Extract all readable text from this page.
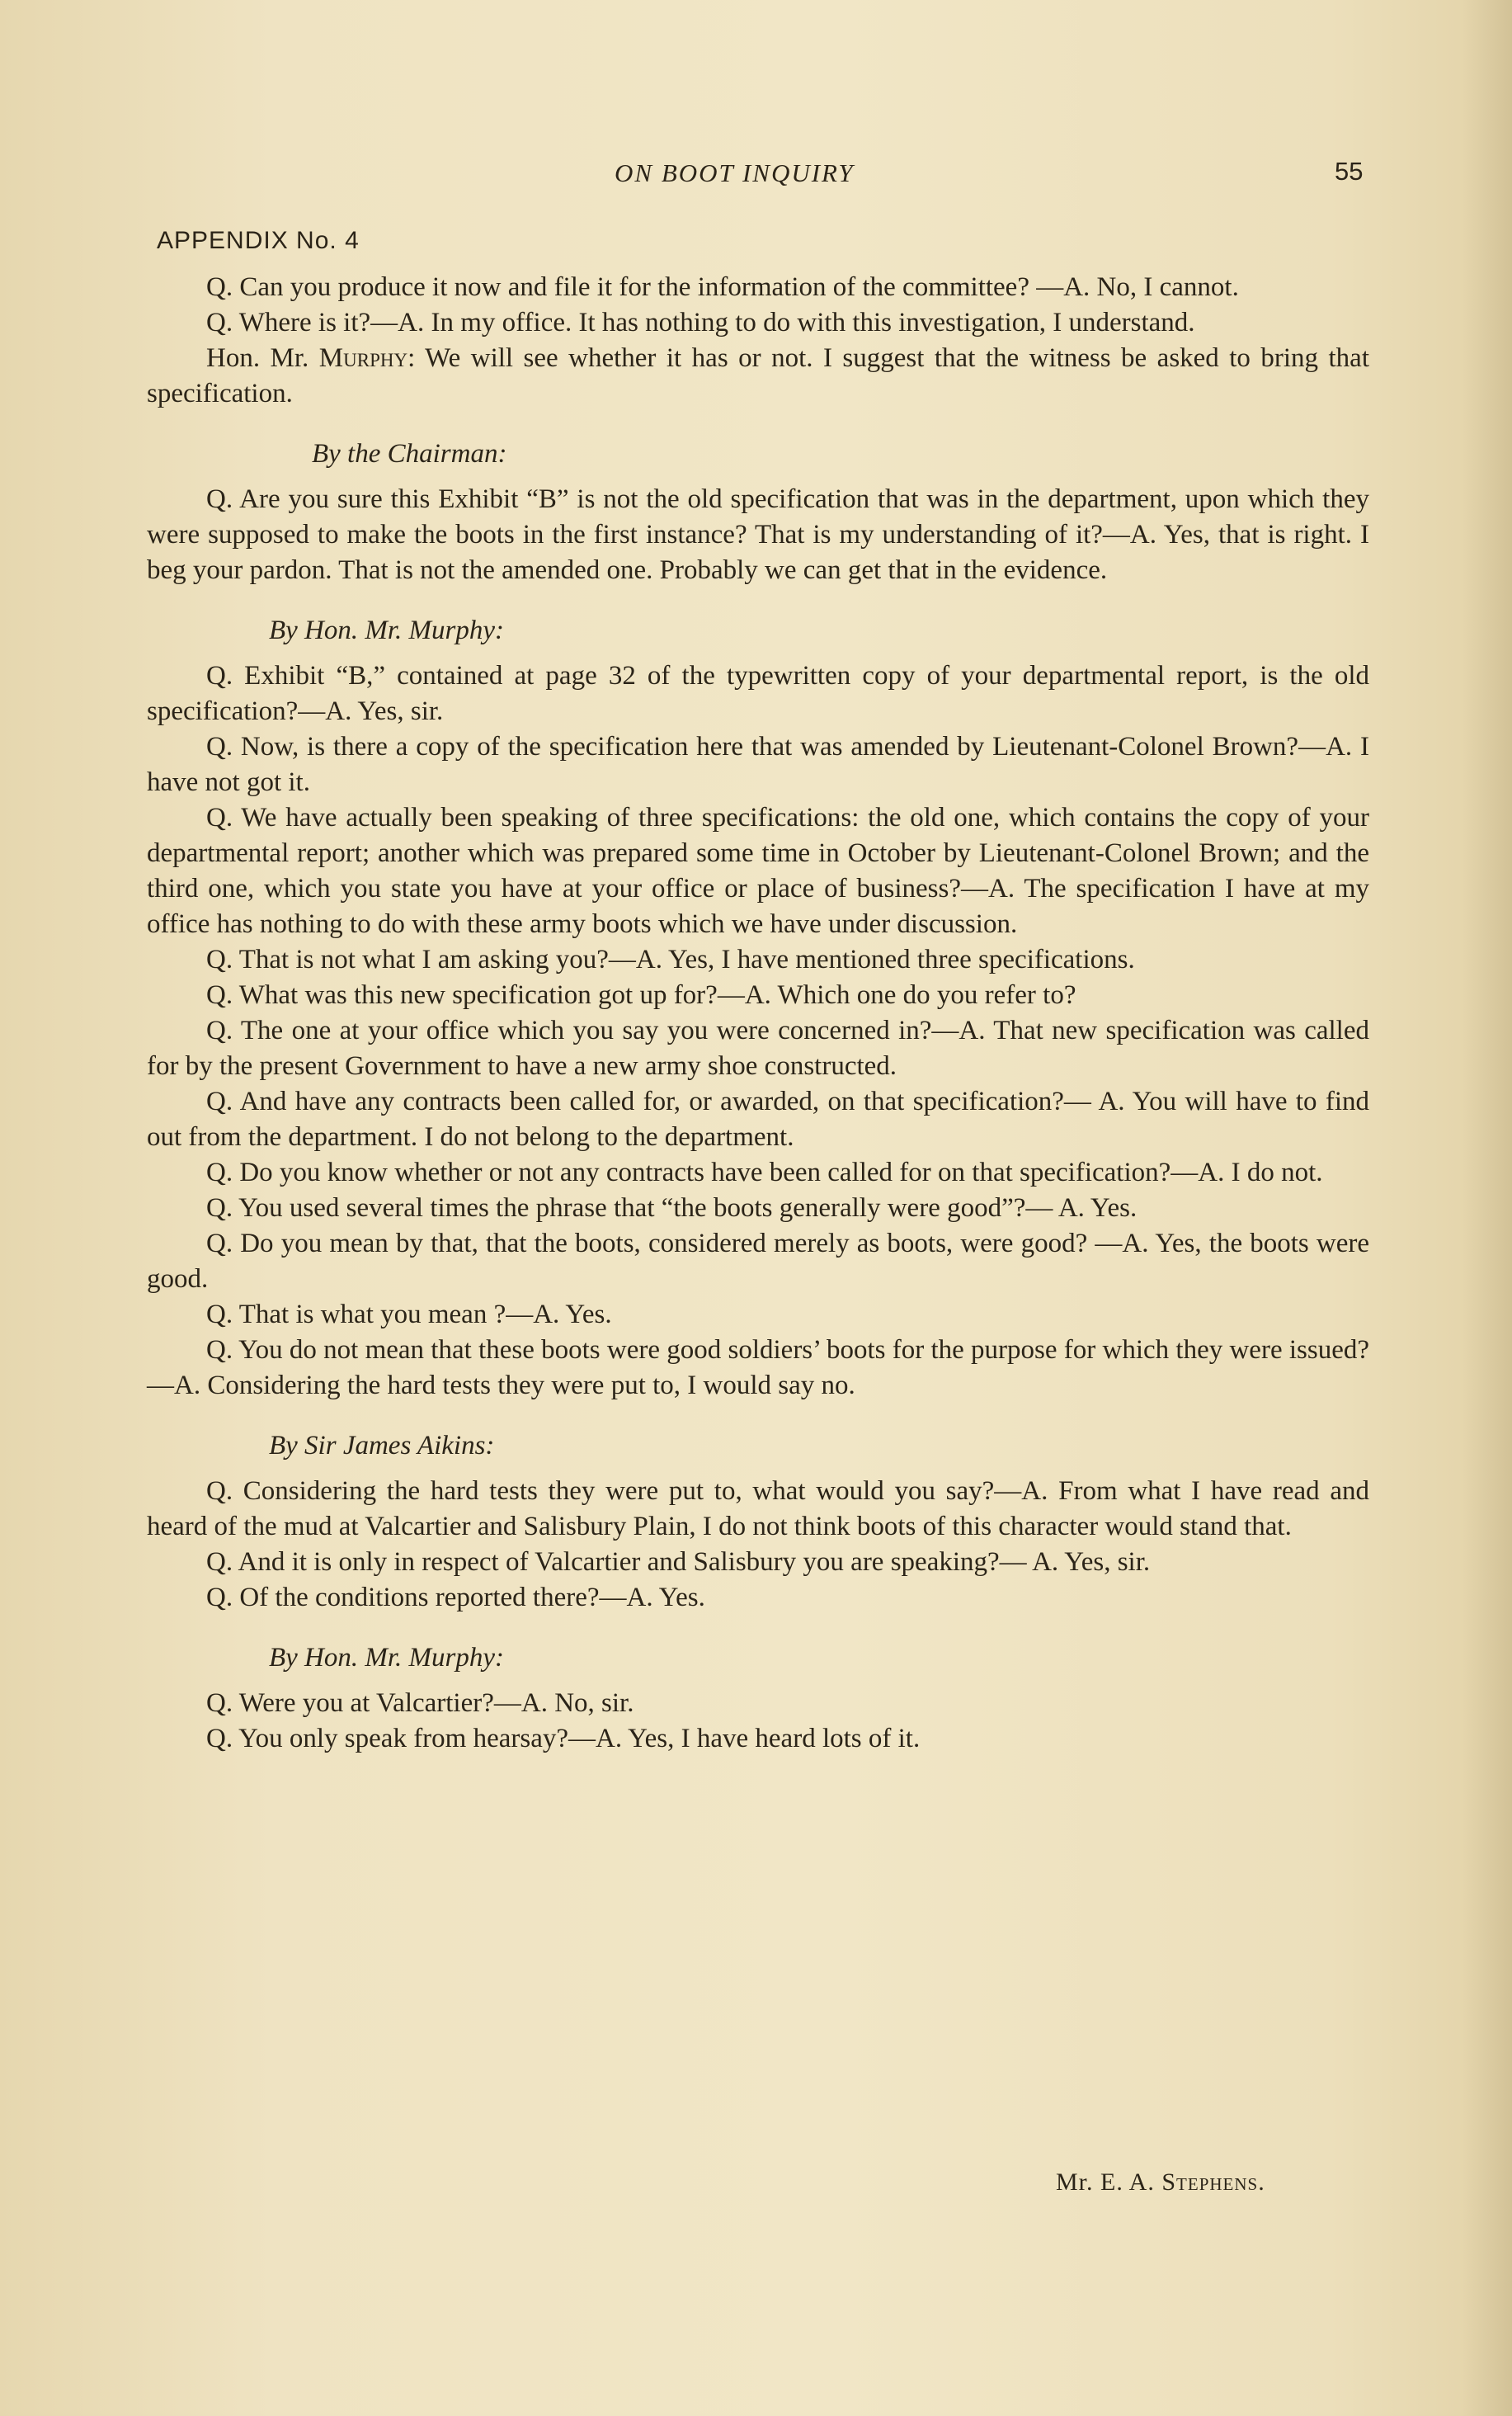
ON BOOT INQUIRY	55
APPENDIX No. 4

Q. Can you produce it now and file it for the information of the committee? —A. No, I cannot.

Q. Where is it?—A. In my office. It has nothing to do with this investigation, I understand.

Hon. Mr. Murphy: We will see whether it has or not. I suggest that the witness be asked to bring that specification.

By the Chairman:

Q. Are you sure this Exhibit “B” is not the old specification that was in the department, upon which they were supposed to make the boots in the first instance? That is my understanding of it?—A. Yes, that is right. I beg your pardon. That is not the amended one. Probably we can get that in the evidence.

By Hon. Mr. Murphy:

Q. Exhibit “B,” contained at page 32 of the typewritten copy of your departmental report, is the old specification?—A. Yes, sir.

Q. Now, is there a copy of the specification here that was amended by Lieutenant-Colonel Brown?—A. I have not got it.

Q. We have actually been speaking of three specifications: the old one, which contains the copy of your departmental report; another which was prepared some time in October by Lieutenant-Colonel Brown; and the third one, which you state you have at your office or place of business?—A. The specification I have at my office has nothing to do with these army boots which we have under discussion.

Q. That is not what I am asking you?—A. Yes, I have mentioned three specifications.

Q. What was this new specification got up for?—A. Which one do you refer to?

Q. The one at your office which you say you were concerned in?—A. That new specification was called for by the present Government to have a new army shoe constructed.

Q. And have any contracts been called for, or awarded, on that specification?— A. You will have to find out from the department. I do not belong to the department.

Q. Do you know whether or not any contracts have been called for on that specification?—A. I do not.

Q. You used several times the phrase that “the boots generally were good”?— A. Yes.

Q. Do you mean by that, that the boots, considered merely as boots, were good? —A. Yes, the boots were good.

Q. That is what you mean ?—A. Yes.

Q. You do not mean that these boots were good soldiers’ boots for the purpose for which they were issued?—A. Considering the hard tests they were put to, I would say no.

By Sir James Aikins:

Q. Considering the hard tests they were put to, what would you say?—A. From what I have read and heard of the mud at Valcartier and Salisbury Plain, I do not think boots of this character would stand that.

Q. And it is only in respect of Valcartier and Salisbury you are speaking?— A. Yes, sir.

Q. Of the conditions reported there?—A. Yes.

By Hon. Mr. Murphy:

Q. Were you at Valcartier?—A. No, sir.

Q. You only speak from hearsay?—A. Yes, I have heard lots of it.

Mr. E. A. Stephens.
